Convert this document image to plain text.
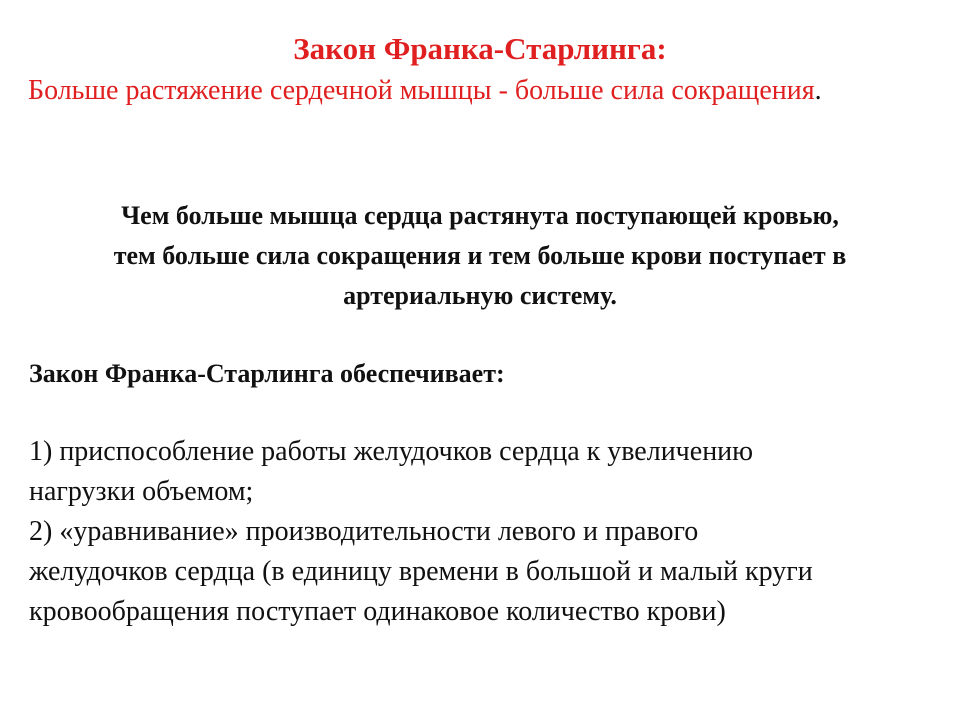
Закон Франка-Старлинга:
Больше растяжение сердечной мышцы - больше сила сокращения.
Чем больше мышца сердца растянута поступающей кровью,
тем больше сила сокращения и тем больше крови поступает в
артериальную систему.
Закон Франка-Старлинга обеспечивает:
1) приспособление работы желудочков сердца к увеличению
нагрузки объемом;
2) «уравнивание» производительности левого и правого
желудочков сердца (в единицу времени в большой и малый круги
кровообращения поступает одинаковое количество крови)
